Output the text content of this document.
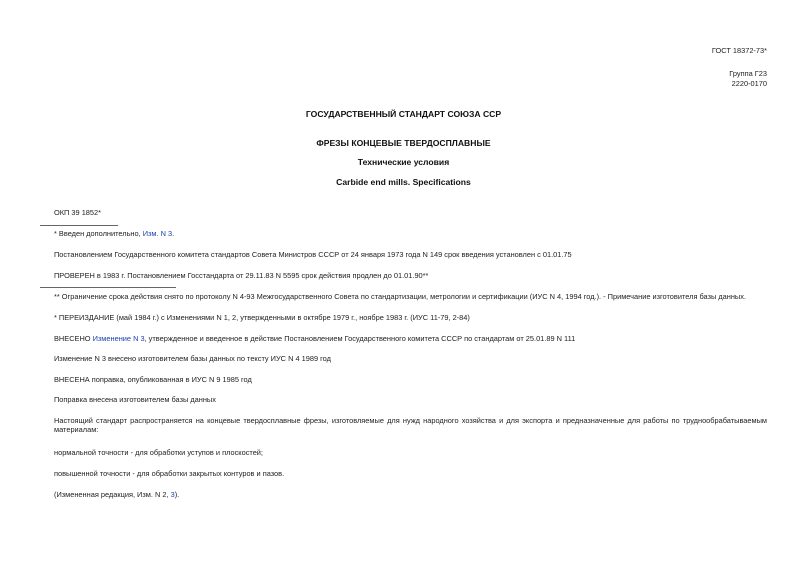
ГОСТ 18372-73*
Группа Г23
2220-0170
ГОСУДАРСТВЕННЫЙ СТАНДАРТ СОЮЗА ССР
ФРЕЗЫ КОНЦЕВЫЕ ТВЕРДОСПЛАВНЫЕ
Технические условия
Carbide end mills. Specifications
ОКП 39 1852*
* Введен дополнительно, Изм. N 3.
Постановлением Государственного комитета стандартов Совета Министров СССР от 24 января 1973 года N 149 срок введения установлен с 01.01.75
ПРОВЕРЕН в 1983 г. Постановлением Госстандарта от 29.11.83 N 5595 срок действия продлен до 01.01.90**
** Ограничение срока действия снято по протоколу N 4-93 Межгосударственного Совета по стандартизации, метрологии и сертификации (ИУС N 4, 1994 год.). - Примечание изготовителя базы данных.
* ПЕРЕИЗДАНИЕ (май 1984 г.) с Изменениями N 1, 2, утвержденными в октябре 1979 г., ноябре 1983 г. (ИУС 11-79, 2-84)
ВНЕСЕНО Изменение N 3, утвержденное и введенное в действие Постановлением Государственного комитета СССР по стандартам от 25.01.89 N 111
Изменение N 3 внесено изготовителем базы данных по тексту ИУС N 4 1989 год
ВНЕСЕНА поправка, опубликованная в ИУС N 9 1985 год
Поправка внесена изготовителем базы данных
Настоящий стандарт распространяется на концевые твердосплавные фрезы, изготовляемые для нужд народного хозяйства и для экспорта и предназначенные для работы по труднообрабатываемым материалам:
нормальной точности - для обработки уступов и плоскостей;
повышенной точности - для обработки закрытых контуров и пазов.
(Измененная редакция, Изм. N 2, 3).
